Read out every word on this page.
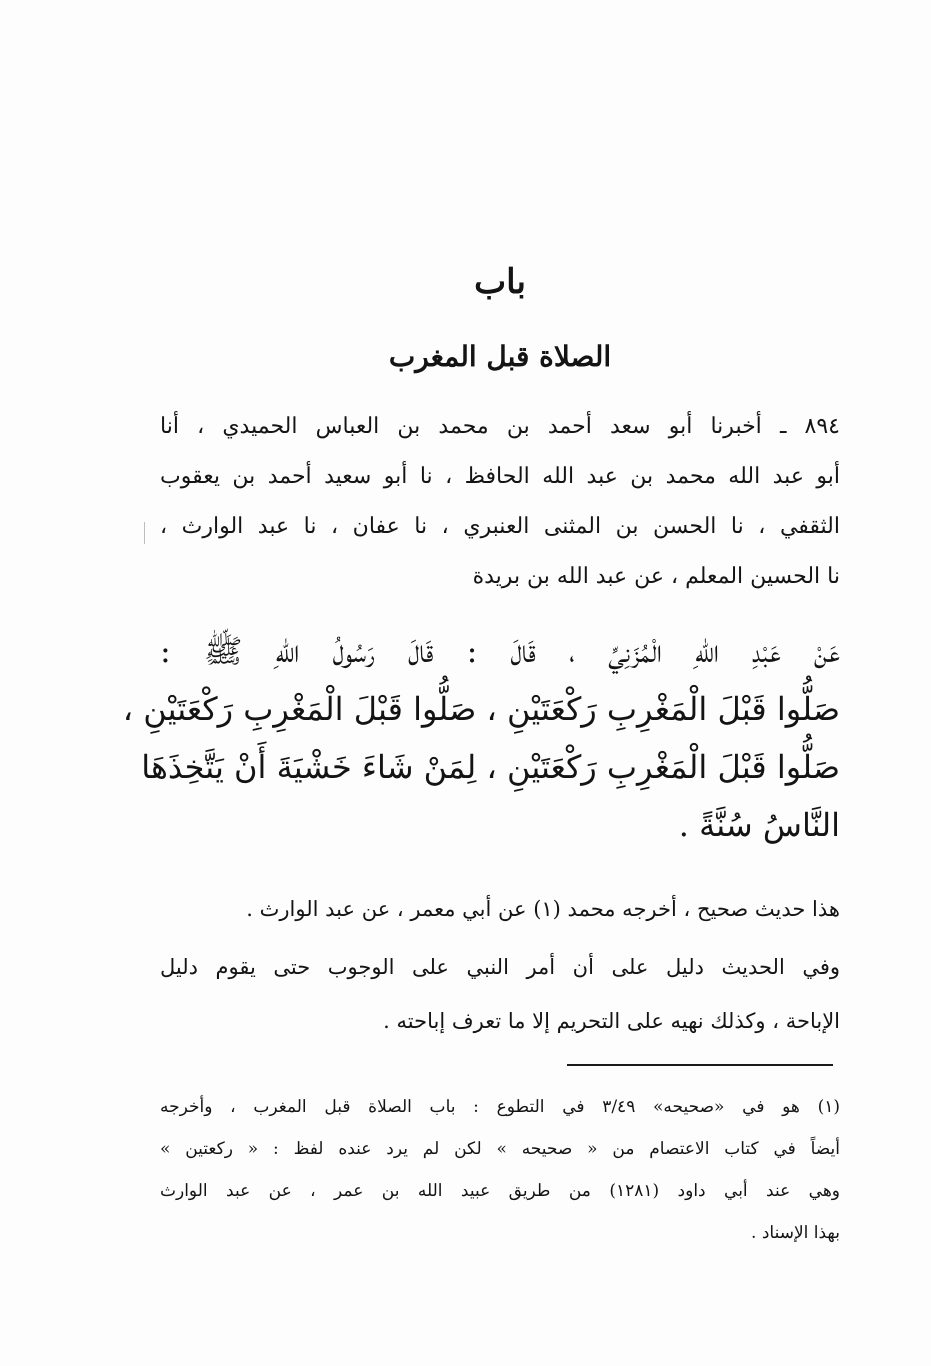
باب
الصلاة قبل المغرب
٨٩٤ ـ أخبرنا أبو سعد أحمد بن محمد بن العباس الحميدي ، أنا
أبو عبد الله محمد بن عبد الله الحافظ ، نا أبو سعيد أحمد بن يعقوب
الثقفي ، نا الحسن بن المثنى العنبري ، نا عفان ، نا عبد الوارث ،
نا الحسين المعلم ، عن عبد الله بن بريدة
عَنْ عَبْدِ اللهِ الْمُزَنِيِّ ، قَالَ : قَالَ رَسُولُ اللهِ ﷺ :
صَلُّوا قَبْلَ الْمَغْرِبِ رَكْعَتَيْنِ ، صَلُّوا قَبْلَ الْمَغْرِبِ رَكْعَتَيْنِ ،
صَلُّوا قَبْلَ الْمَغْرِبِ رَكْعَتَيْنِ ، لِمَنْ شَاءَ خَشْيَةَ أَنْ يَتَّخِذَهَا
النَّاسُ سُنَّةً .
هذا حديث صحيح ، أخرجه محمد (١) عن أبي معمر ، عن عبد الوارث .
وفي الحديث دليل على أن أمر النبي على الوجوب حتى يقوم دليل
الإباحة ، وكذلك نهيه على التحريم إلا ما تعرف إباحته .
(١) هو في «صحيحه» ٣/٤٩ في التطوع : باب الصلاة قبل المغرب ، وأخرجه
أيضاً في كتاب الاعتصام من « صحيحه » لكن لم يرد عنده لفظ : « ركعتين »
وهي عند أبي داود (١٢٨١) من طريق عبيد الله بن عمر ، عن عبد الوارث
بهذا الإسناد .
